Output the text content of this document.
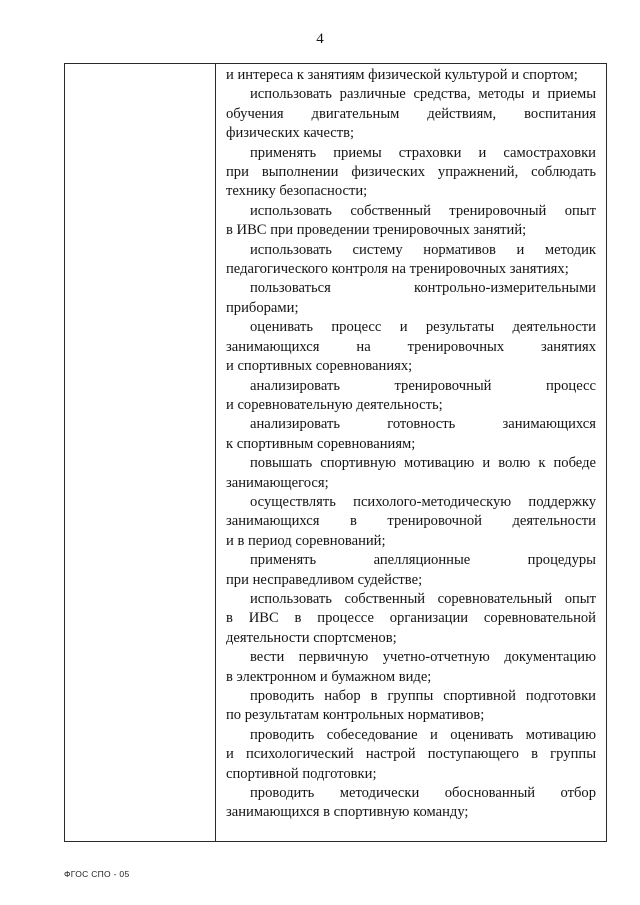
4
и интереса к занятиям физической культурой и спортом;
использовать различные средства, методы и приемы
обучения двигательным действиям, воспитания
физических качеств;
применять приемы страховки и самостраховки
при выполнении физических упражнений, соблюдать
технику безопасности;
использовать собственный тренировочный опыт
в ИВС при проведении тренировочных занятий;
использовать систему нормативов и методик
педагогического контроля на тренировочных занятиях;
пользоваться контрольно-измерительными
приборами;
оценивать процесс и результаты деятельности
занимающихся на тренировочных занятиях
и спортивных соревнованиях;
анализировать тренировочный процесс
и соревновательную деятельность;
анализировать готовность занимающихся
к спортивным соревнованиям;
повышать спортивную мотивацию и волю к победе
занимающегося;
осуществлять психолого-методическую поддержку
занимающихся в тренировочной деятельности
и в период соревнований;
применять апелляционные процедуры
при несправедливом судействе;
использовать собственный соревновательный опыт
в ИВС в процессе организации соревновательной
деятельности спортсменов;
вести первичную учетно-отчетную документацию
в электронном и бумажном виде;
проводить набор в группы спортивной подготовки
по результатам контрольных нормативов;
проводить собеседование и оценивать мотивацию
и психологический настрой поступающего в группы
спортивной подготовки;
проводить методически обоснованный отбор
занимающихся в спортивную команду;
ФГОС СПО - 05
